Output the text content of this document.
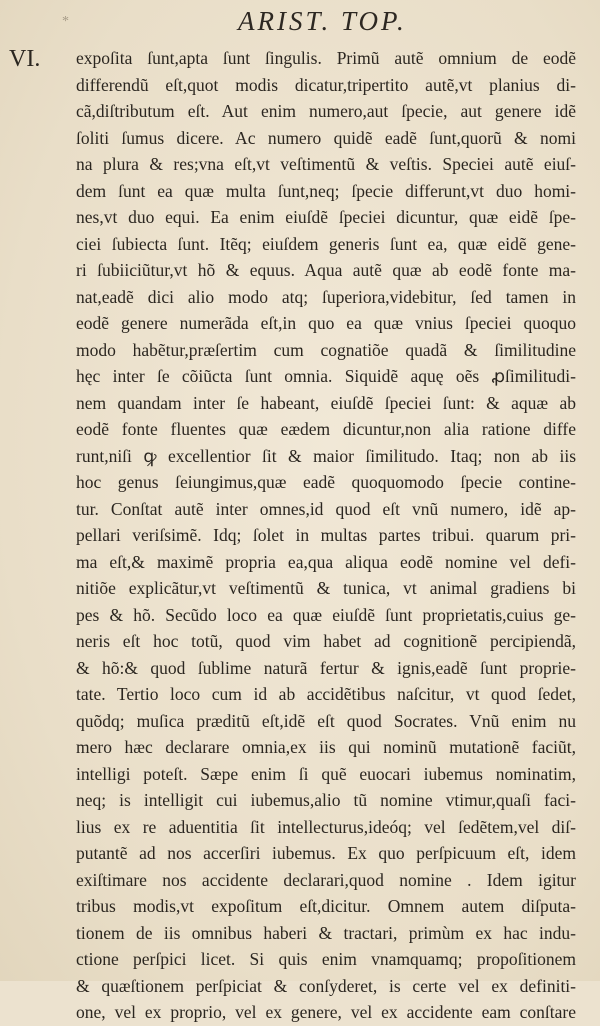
*	ARIST. TOP.
VI. expoſita ſunt,apta ſunt ſingulis. Primũ autẽ omnium de eodẽ
differendũ eſt,quot modis dicatur,tripertito autẽ,vt planius di-
cã,diſtributum eſt. Aut enim numero,aut ſpecie, aut genere idẽ
ſoliti ſumus dicere. Ac numero quidẽ eadẽ ſunt,quorũ & nomi
na plura & res;vna eſt,vt veſtimentũ & veſtis. Speciei autẽ eiuſ-
dem ſunt ea quæ multa ſunt,neq; ſpecie differunt,vt duo homi-
nes,vt duo equi. Ea enim eiuſdẽ ſpeciei dicuntur, quæ eidẽ ſpe-
ciei ſubiecta ſunt. Itẽq; eiuſdem generis ſunt ea, quæ eidẽ gene-
ri ſubiiciũtur,vt hõ & equus. Aqua autẽ quæ ab eodẽ fonte ma-
nat,eadẽ dici alio modo atq; ſuperiora,videbitur, ſed tamen in
eodẽ genere numerãda eſt,in quo ea quæ vnius ſpeciei quoquo
modo habẽtur,præſertim cum cognatiõe quadã & ſimilitudine
hęc inter ſe cõiũcta ſunt omnia. Siquidẽ aquę oẽs ꝓſimilitudi-
nem quandam inter ſe habeant, eiuſdẽ ſpeciei ſunt: & aquæ ab
eodẽ fonte fluentes quæ eædem dicuntur,non alia ratione diffe
runt,niſi ꝙ excellentior ſit & maior ſimilitudo. Itaq; non ab iis
hoc genus ſeiungimus,quæ eadẽ quoquomodo ſpecie contine-
tur. Conſtat autẽ inter omnes,id quod eſt vnũ numero, idẽ ap-
pellari veriſsimẽ. Idq; ſolet in multas partes tribui. quarum pri-
ma eſt,& maximẽ propria ea,qua aliqua eodẽ nomine vel defi-
nitiõe explicãtur,vt veſtimentũ & tunica, vt animal gradiens bi
pes & hõ. Secũdo loco ea quæ eiuſdẽ ſunt proprietatis,cuius ge-
neris eſt hoc totũ, quod vim habet ad cognitionẽ percipiendã,
& hõ:& quod ſublime naturã fertur & ignis,eadẽ ſunt proprie-
tate. Tertio loco cum id ab accidẽtibus naſcitur, vt quod ſedet,
quõdq; muſica præditũ eſt,idẽ eſt quod Socrates. Vnũ enim nu
mero hæc declarare omnia,ex iis qui nominũ mutationẽ faciũt,
intelligi poteſt. Sæpe enim ſi quẽ euocari iubemus nominatim,
neq; is intelligit cui iubemus,alio tũ nomine vtimur,quaſi faci-
lius ex re aduentitia ſit intellecturus,ideóq; vel ſedẽtem,vel diſ-
putantẽ ad nos accerſiri iubemus. Ex quo perſpicuum eſt, idem
exiſtimare nos accidente declarari,quod nomine . Idem igitur
tribus modis,vt expoſitum eſt,dicitur. Omnem autem diſputa-
tionem de iis omnibus haberi & tractari, primùm ex hac indu-
ctione perſpici licet. Si quis enim vnamquamq; propoſitionem
& quæſtionem perſpiciat & conſyderet, is certe vel ex definiti-
one, vel ex proprio, vel ex genere, vel ex accidente eam conſtare
